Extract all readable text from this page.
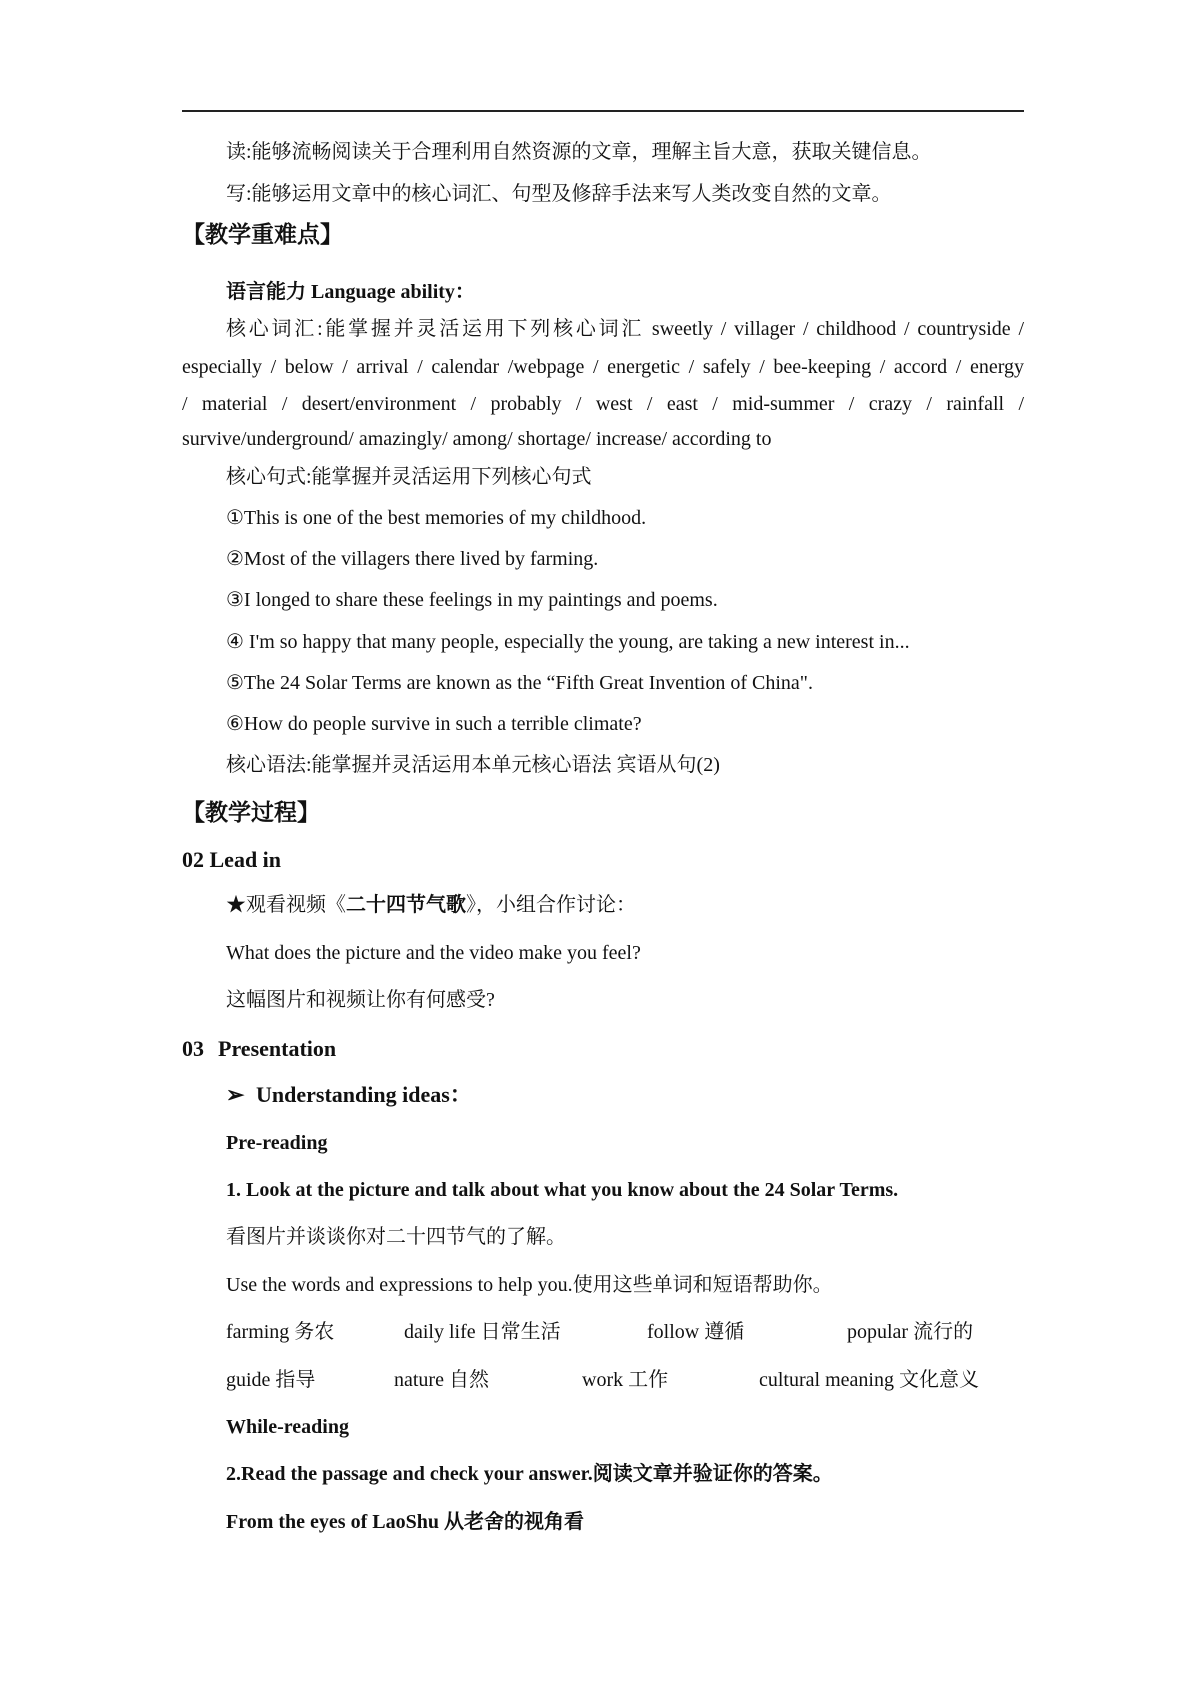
读:能够流畅阅读关于合理利用自然资源的文章，理解主旨大意，获取关键信息。
写:能够运用文章中的核心词汇、句型及修辞手法来写人类改变自然的文章。
【教学重难点】
语言能力 Language ability：
核心词汇:能掌握并灵活运用下列核心词汇 sweetly / villager / childhood / countryside /
especially / below / arrival / calendar /webpage / energetic / safely / bee-keeping / accord / energy
/ material / desert/environment / probably / west / east / mid-summer / crazy / rainfall /
survive/underground/ amazingly/ among/ shortage/ increase/ according to
核心句式:能掌握并灵活运用下列核心句式
①This is one of the best memories of my childhood.
②Most of the villagers there lived by farming.
③I longed to share these feelings in my paintings and poems.
④ I'm so happy that many people, especially the young, are taking a new interest in...
⑤The 24 Solar Terms are known as the “Fifth Great Invention of China".
⑥How do people survive in such a terrible climate?
核心语法:能掌握并灵活运用本单元核心语法 宾语从句(2)
【教学过程】
02 Lead in
★观看视频《二十四节气歌》，小组合作讨论：
What does the picture and the video make you feel?
这幅图片和视频让你有何感受?
03 Presentation
➢ Understanding ideas：
Pre-reading
1. Look at the picture and talk about what you know about the 24 Solar Terms.
看图片并谈谈你对二十四节气的了解。
Use the words and expressions to help you.使用这些单词和短语帮助你。
farming 务农	daily life 日常生活	follow 遵循	popular 流行的
guide 指导	nature 自然	work 工作	cultural meaning 文化意义
While-reading
2.Read the passage and check your answer.阅读文章并验证你的答案。
From the eyes of LaoShu 从老舍的视角看
